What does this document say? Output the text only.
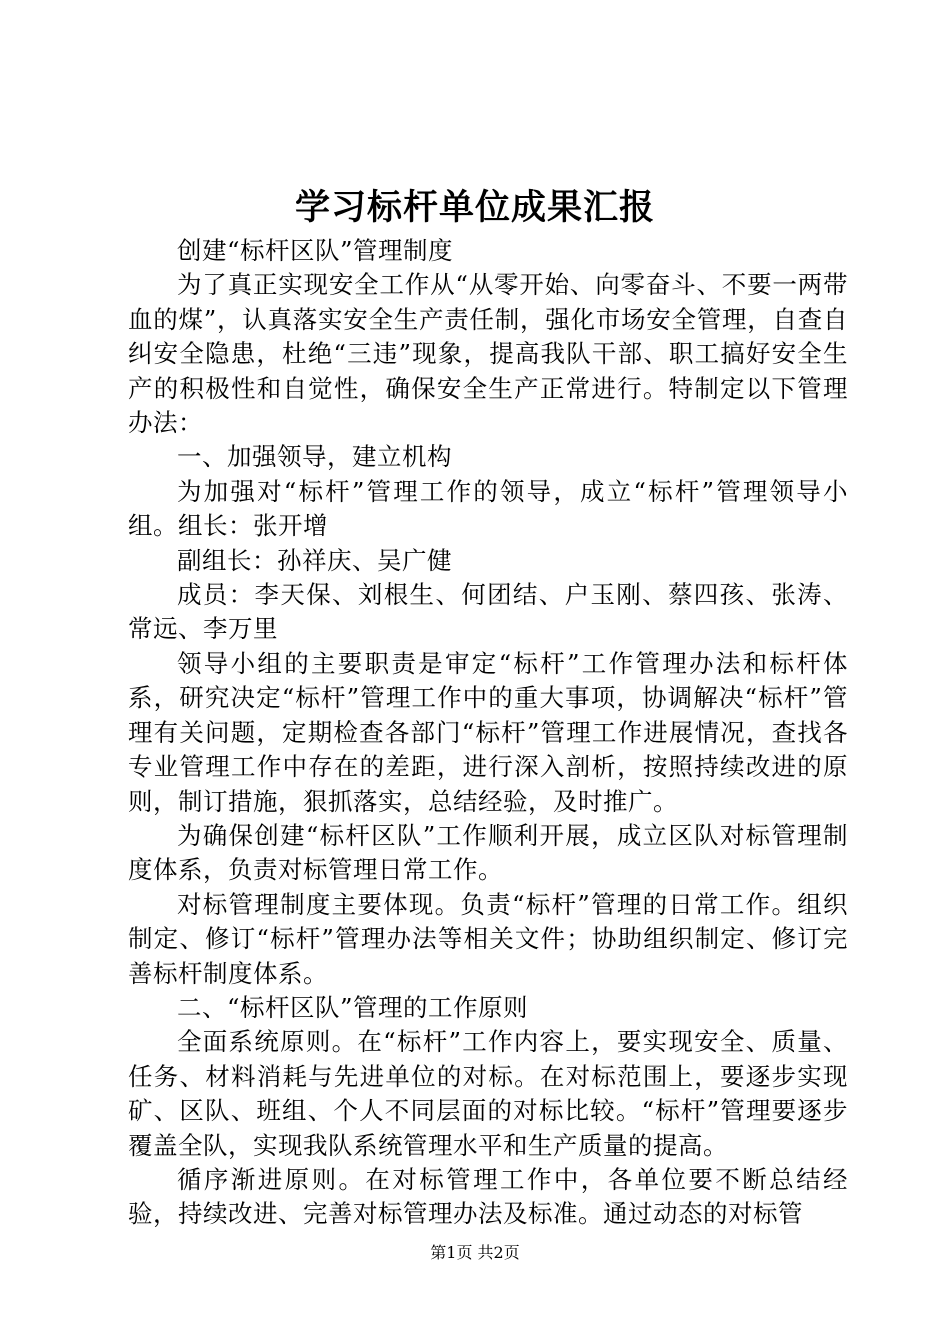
学习标杆单位成果汇报

创建“标杆区队”管理制度

为了真正实现安全工作从“从零开始、向零奋斗、不要一两带血的煤”，认真落实安全生产责任制，强化市场安全管理，自查自纠安全隐患，杜绝“三违”现象，提高我队干部、职工搞好安全生产的积极性和自觉性，确保安全生产正常进行。特制定以下管理办法：

一、加强领导，建立机构

为加强对“标杆”管理工作的领导，成立“标杆”管理领导小组。组长：张开增

副组长：孙祥庆、吴广健

成员：李天保、刘根生、何团结、户玉刚、蔡四孩、张涛、常远、李万里

领导小组的主要职责是审定“标杆”工作管理办法和标杆体系，研究决定“标杆”管理工作中的重大事项，协调解决“标杆”管理有关问题，定期检查各部门“标杆”管理工作进展情况，查找各专业管理工作中存在的差距，进行深入剖析，按照持续改进的原则，制订措施，狠抓落实，总结经验，及时推广。

为确保创建“标杆区队”工作顺利开展，成立区队对标管理制度体系，负责对标管理日常工作。

对标管理制度主要体现。负责“标杆”管理的日常工作。组织制定、修订“标杆”管理办法等相关文件；协助组织制定、修订完善标杆制度体系。

二、“标杆区队”管理的工作原则

全面系统原则。在“标杆”工作内容上，要实现安全、质量、任务、材料消耗与先进单位的对标。在对标范围上，要逐步实现矿、区队、班组、个人不同层面的对标比较。“标杆”管理要逐步覆盖全队，实现我队系统管理水平和生产质量的提高。

循序渐进原则。在对标管理工作中，各单位要不断总结经验，持续改进、完善对标管理办法及标准。通过动态的对标管

第1页 共2页
